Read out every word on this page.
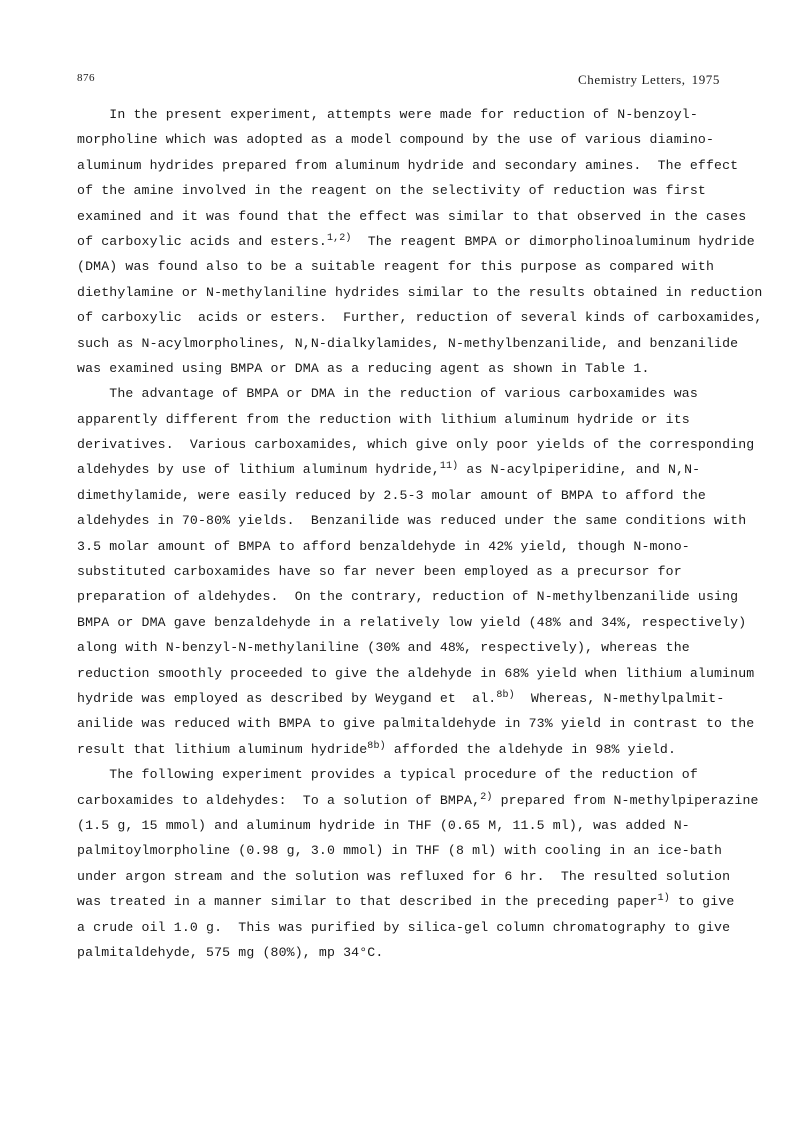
876	Chemistry Letters, 1975
In the present experiment, attempts were made for reduction of N-benzoyl-
morpholine which was adopted as a model compound by the use of various diamino-
aluminum hydrides prepared from aluminum hydride and secondary amines.  The effect
of the amine involved in the reagent on the selectivity of reduction was first
examined and it was found that the effect was similar to that observed in the cases
of carboxylic acids and esters.$^{1,2)}$  The reagent BMPA or dimorpholinoaluminum hydride
(DMA) was found also to be a suitable reagent for this purpose as compared with
diethylamine or N-methylaniline hydrides similar to the results obtained in reduction
of carboxylic  acids or esters.  Further, reduction of several kinds of carboxamides,
such as N-acylmorpholines, N,N-dialkylamides, N-methylbenzanilide, and benzanilide
was examined using BMPA or DMA as a reducing agent as shown in Table 1.
The advantage of BMPA or DMA in the reduction of various carboxamides was
apparently different from the reduction with lithium aluminum hydride or its
derivatives.  Various carboxamides, which give only poor yields of the corresponding
aldehydes by use of lithium aluminum hydride,$^{11)}$ as N-acylpiperidine, and N,N-
dimethylamide, were easily reduced by 2.5-3 molar amount of BMPA to afford the
aldehydes in 70-80% yields.  Benzanilide was reduced under the same conditions with
3.5 molar amount of BMPA to afford benzaldehyde in 42% yield, though N-mono-
substituted carboxamides have so far never been employed as a precursor for
preparation of aldehydes.  On the contrary, reduction of N-methylbenzanilide using
BMPA or DMA gave benzaldehyde in a relatively low yield (48% and 34%, respectively)
along with N-benzyl-N-methylaniline (30% and 48%, respectively), whereas the
reduction smoothly proceeded to give the aldehyde in 68% yield when lithium aluminum
hydride was employed as described by Weygand et  al.$^{8b)}$  Whereas, N-methylpalmit-
anilide was reduced with BMPA to give palmitaldehyde in 73% yield in contrast to the
result that lithium aluminum hydride$^{8b)}$ afforded the aldehyde in 98% yield.
The following experiment provides a typical procedure of the reduction of
carboxamides to aldehydes:  To a solution of BMPA,$^{2)}$ prepared from N-methylpiperazine
(1.5 g, 15 mmol) and aluminum hydride in THF (0.65 M, 11.5 ml), was added N-
palmitoylmorpholine (0.98 g, 3.0 mmol) in THF (8 ml) with cooling in an ice-bath
under argon stream and the solution was refluxed for 6 hr.  The resulted solution
was treated in a manner similar to that described in the preceding paper$^{1)}$ to give
a crude oil 1.0 g.  This was purified by silica-gel column chromatography to give
palmitaldehyde, 575 mg (80%), mp 34°C.
